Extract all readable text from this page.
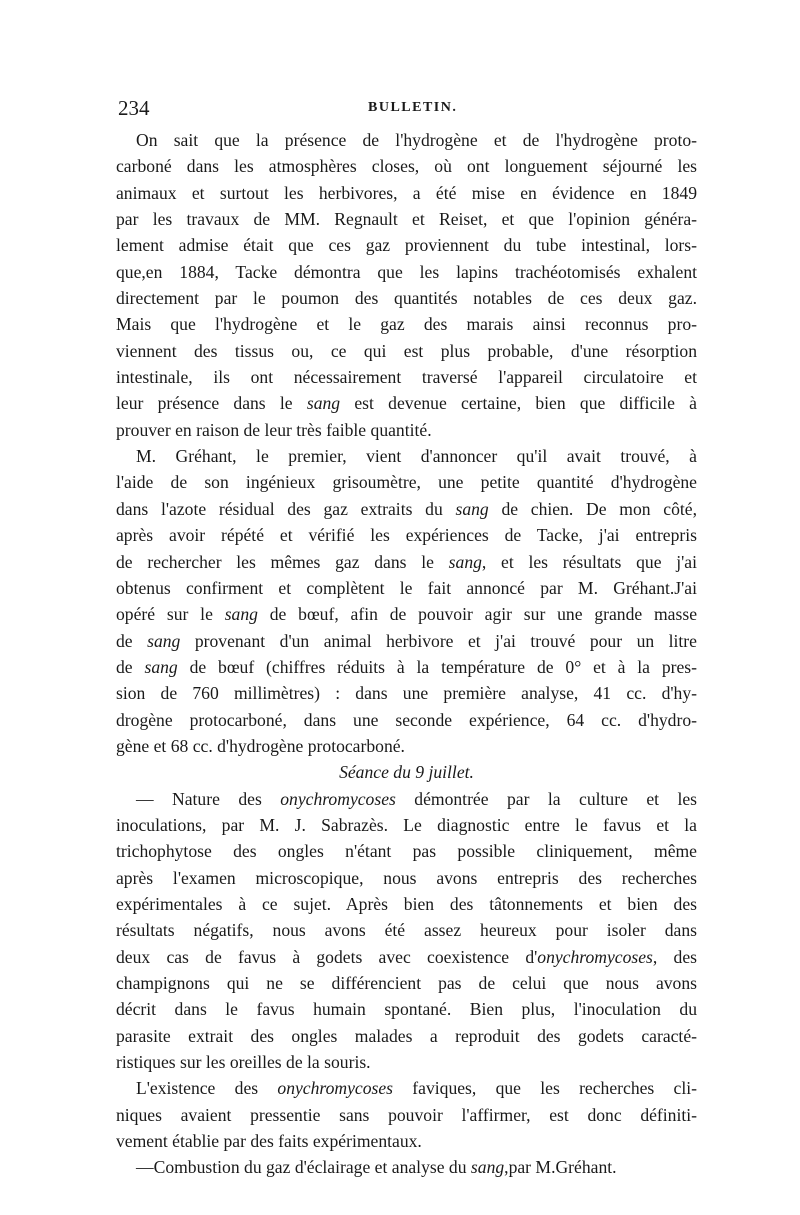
234	BULLETIN.
On sait que la présence de l'hydrogène et de l'hydrogène proto-
carboné dans les atmosphères closes, où ont longuement séjourné les
animaux et surtout les herbivores, a été mise en évidence en 1849
par les travaux de MM. Regnault et Reiset, et que l'opinion généra-
lement admise était que ces gaz proviennent du tube intestinal, lors-
que,en 1884, Tacke démontra que les lapins trachéotomisés exhalent
directement par le poumon des quantités notables de ces deux gaz.
Mais que l'hydrogène et le gaz des marais ainsi reconnus pro-
viennent des tissus ou, ce qui est plus probable, d'une résorption
intestinale, ils ont nécessairement traversé l'appareil circulatoire et
leur présence dans le sang est devenue certaine, bien que difficile à
prouver en raison de leur très faible quantité.
M. Gréhant, le premier, vient d'annoncer qu'il avait trouvé, à
l'aide de son ingénieux grisoumètre, une petite quantité d'hydrogène
dans l'azote résidual des gaz extraits du sang de chien. De mon côté,
après avoir répété et vérifié les expériences de Tacke, j'ai entrepris
de rechercher les mêmes gaz dans le sang, et les résultats que j'ai
obtenus confirment et complètent le fait annoncé par M. Gréhant.J'ai
opéré sur le sang de bœuf, afin de pouvoir agir sur une grande masse
de sang provenant d'un animal herbivore et j'ai trouvé pour un litre
de sang de bœuf (chiffres réduits à la température de 0° et à la pres-
sion de 760 millimètres) : dans une première analyse, 41 cc. d'hy-
drogène protocarboné, dans une seconde expérience, 64 cc. d'hydro-
gène et 68 cc. d'hydrogène protocarboné.
Séance du 9 juillet.
— Nature des onychromycoses démontrée par la culture et les
inoculations, par M. J. Sabrazès. Le diagnostic entre le favus et la
trichophytose des ongles n'étant pas possible cliniquement, même
après l'examen microscopique, nous avons entrepris des recherches
expérimentales à ce sujet. Après bien des tâtonnements et bien des
résultats négatifs, nous avons été assez heureux pour isoler dans
deux cas de favus à godets avec coexistence d'onychromycoses, des
champignons qui ne se différencient pas de celui que nous avons
décrit dans le favus humain spontané. Bien plus, l'inoculation du
parasite extrait des ongles malades a reproduit des godets caracté-
ristiques sur les oreilles de la souris.
L'existence des onychromycoses faviques, que les recherches cli-
niques avaient pressentie sans pouvoir l'affirmer, est donc définiti-
vement établie par des faits expérimentaux.
—Combustion du gaz d'éclairage et analyse du sang,par M.Gréhant.
